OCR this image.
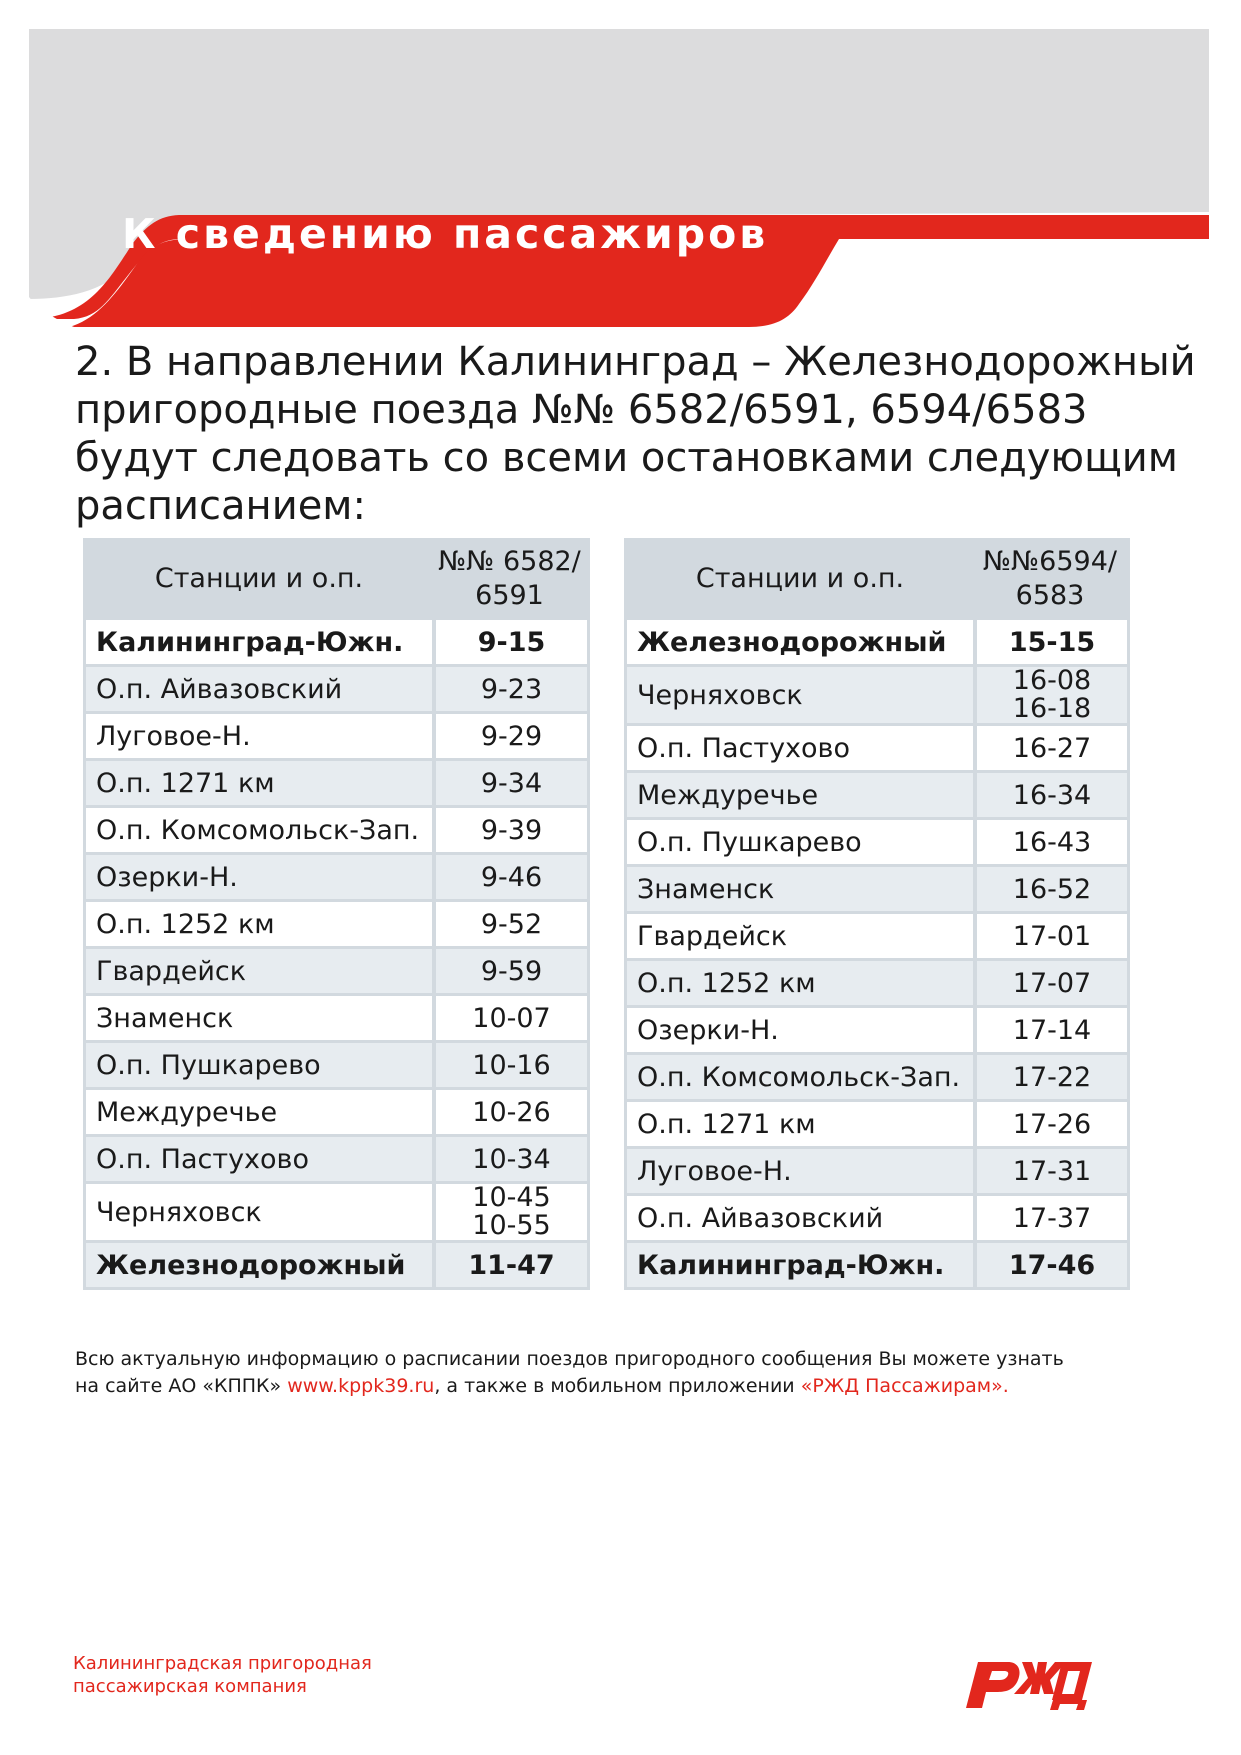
К сведению пассажиров
2. В направлении Калининград – Железнодорожный
пригородные поезда №№ 6582/6591, 6594/6583
будут следовать со всеми остановками следующим
расписанием:
Станции и о.п.	№№ 6582/
6591

Калининград-Южн.	9-15
О.п. Айвазовский	9-23
Луговое-Н.	9-29
О.п. 1271 км	9-34
О.п. Комсомольск-Зап.	9-39
Озерки-Н.	9-46
О.п. 1252 км	9-52
Гвардейск	9-59
Знаменск	10-07
О.п. Пушкарево	10-16
Междуречье	10-26
О.п. Пастухово	10-34
Черняховск	10-45
10-55

Железнодорожный	11-47
Станции и о.п.	№№6594/
6583

Железнодорожный	15-15
Черняховск	16-08
16-18

О.п. Пастухово	16-27
Междуречье	16-34
О.п. Пушкарево	16-43
Знаменск	16-52
Гвардейск	17-01
О.п. 1252 км	17-07
Озерки-Н.	17-14
О.п. Комсомольск-Зап.	17-22
О.п. 1271 км	17-26
Луговое-Н.	17-31
О.п. Айвазовский	17-37
Калининград-Южн.	17-46
Всю актуальную информацию о расписании поездов пригородного сообщения Вы можете узнать
на сайте АО «КППК» www.kppk39.ru, а также в мобильном приложении «РЖД Пассажирам».
Калининградская пригородная
пассажирская компания
